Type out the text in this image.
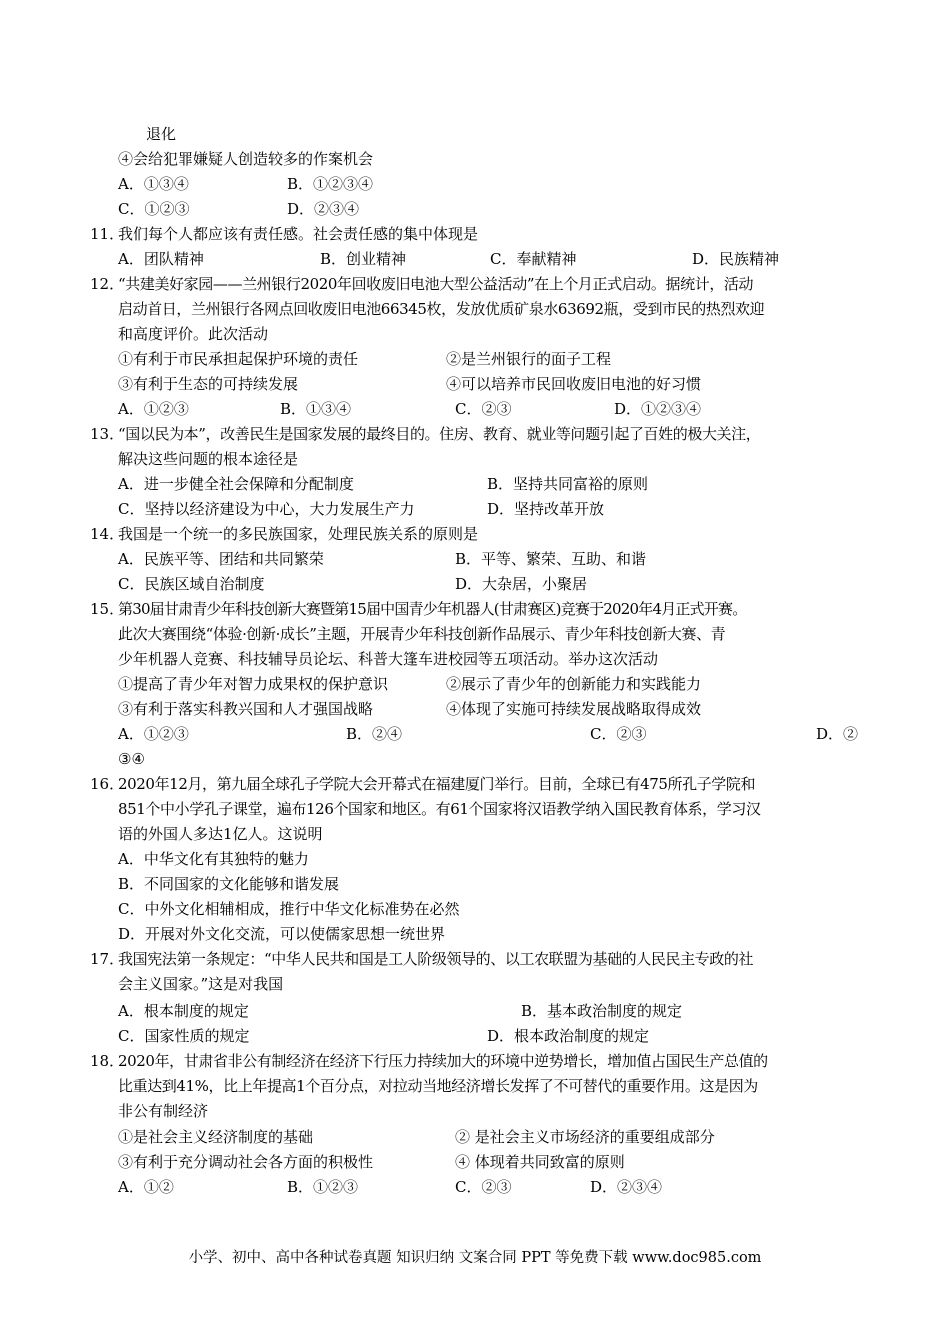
退化
④会给犯罪嫌疑人创造较多的作案机会
A．①③④	B．①②③④
C．①②③	D．②③④
11．
我们每个人都应该有责任感。社会责任感的集中体现是
A．团队精神	B．创业精神	C．奉献精神	D．民族精神
12．
“共建美好家园——兰州银行2020年回收废旧电池大型公益活动”在上个月正式启动。据统计，活动
启动首日，兰州银行各网点回收废旧电池66345枚，发放优质矿泉水63692瓶，受到市民的热烈欢迎
和高度评价。此次活动
①有利于市民承担起保护环境的责任	②是兰州银行的面子工程
③有利于生态的可持续发展	④可以培养市民回收废旧电池的好习惯
A．①②③	B．①③④	C．②③	D．①②③④
13．
“国以民为本”，改善民生是国家发展的最终目的。住房、教育、就业等问题引起了百姓的极大关注，
解决这些问题的根本途径是
A．进一步健全社会保障和分配制度	B．坚持共同富裕的原则
C．坚持以经济建设为中心，大力发展生产力	D．坚持改革开放
14．
我国是一个统一的多民族国家，处理民族关系的原则是
A．民族平等、团结和共同繁荣	B．平等、繁荣、互助、和谐
C．民族区域自治制度	D．大杂居，小聚居
15．
第30届甘肃青少年科技创新大赛暨第15届中国青少年机器人(甘肃赛区)竞赛于2020年4月正式开赛。
此次大赛围绕“体验·创新·成长”主题，开展青少年科技创新作品展示、青少年科技创新大赛、青
少年机器人竞赛、科技辅导员论坛、科普大篷车进校园等五项活动。举办这次活动
①提高了青少年对智力成果权的保护意识	②展示了青少年的创新能力和实践能力
③有利于落实科教兴国和人才强国战略	④体现了实施可持续发展战略取得成效
A．①②③	B．②④	C．②③	D．②
③④
16．
2020年12月，第九届全球孔子学院大会开幕式在福建厦门举行。目前，全球已有475所孔子学院和
851个中小学孔子课堂，遍布126个国家和地区。有61个国家将汉语教学纳入国民教育体系，学习汉
语的外国人多达1亿人。这说明
A．中华文化有其独特的魅力
B．不同国家的文化能够和谐发展
C．中外文化相辅相成，推行中华文化标准势在必然
D．开展对外文化交流，可以使儒家思想一统世界
17．
我国宪法第一条规定：“中华人民共和国是工人阶级领导的、以工农联盟为基础的人民民主专政的社
会主义国家。”这是对我国
A．根本制度的规定	B．基本政治制度的规定
C．国家性质的规定	D．根本政治制度的规定
18．
2020年，甘肃省非公有制经济在经济下行压力持续加大的环境中逆势增长，增加值占国民生产总值的
比重达到41%，比上年提高1个百分点，对拉动当地经济增长发挥了不可替代的重要作用。这是因为
非公有制经济
①是社会主义经济制度的基础	② 是社会主义市场经济的重要组成部分
③有利于充分调动社会各方面的积极性	④ 体现着共同致富的原则
A．①②	B．①②③	C．②③	D．②③④
小学、初中、高中各种试卷真题 知识归纳 文案合同 PPT 等免费下载 www.doc985.com
